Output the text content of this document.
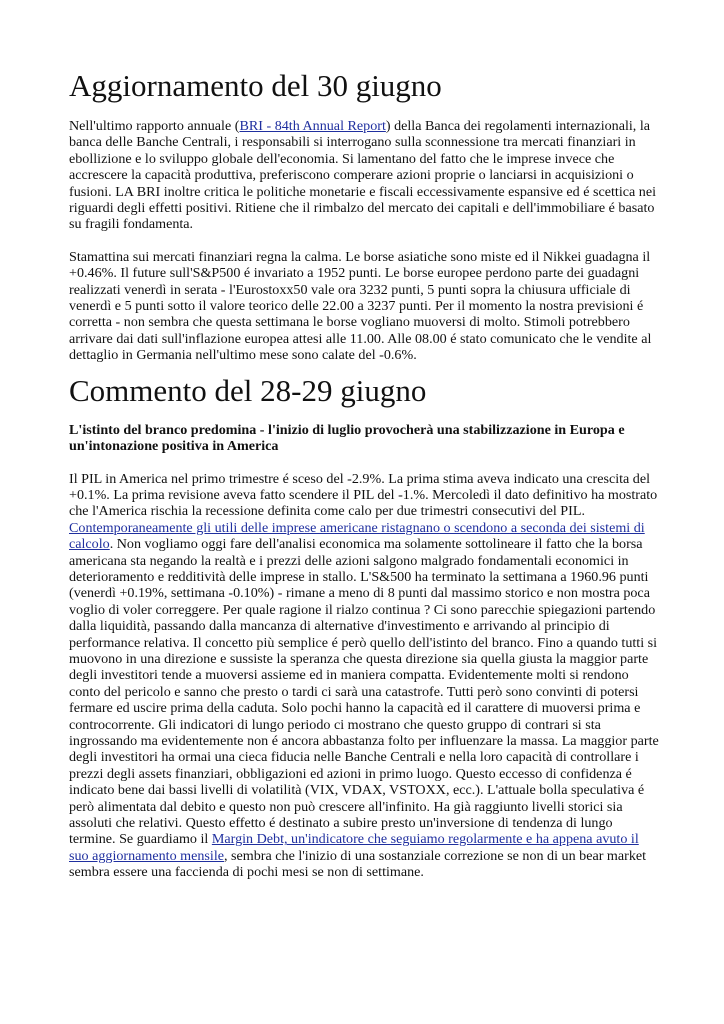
Aggiornamento del 30 giugno

Nell'ultimo rapporto annuale (BRI - 84th Annual Report) della Banca dei regolamenti internazionali, la banca delle Banche Centrali, i responsabili si interrogano sulla sconnessione tra mercati finanziari in ebollizione e lo sviluppo globale dell'economia. Si lamentano del fatto che le imprese invece che accrescere la capacità produttiva, preferiscono comperare azioni proprie o lanciarsi in acquisizioni o fusioni. LA BRI inoltre critica le politiche monetarie e fiscali eccessivamente espansive ed é scettica nei riguardi degli effetti positivi. Ritiene che il rimbalzo del mercato dei capitali e dell'immobiliare é basato su fragili fondamenta.

Stamattina sui mercati finanziari regna la calma. Le borse asiatiche sono miste ed il Nikkei guadagna il +0.46%. Il future sull'S&P500 é invariato a 1952 punti. Le borse europee perdono parte dei guadagni realizzati venerdì in serata - l'Eurostoxx50 vale ora 3232 punti, 5 punti sopra la chiusura ufficiale di venerdì e 5 punti sotto il valore teorico delle 22.00 a 3237 punti. Per il momento la nostra previsioni é corretta - non sembra che questa settimana le borse vogliano muoversi di molto. Stimoli potrebbero arrivare dai dati sull'inflazione europea attesi alle 11.00. Alle 08.00 é stato comunicato che le vendite al dettaglio in Germania nell'ultimo mese sono calate del -0.6%.

Commento del 28-29 giugno

L'istinto del branco predomina - l'inizio di luglio provocherà una stabilizzazione in Europa e un'intonazione positiva in America

Il PIL in America nel primo trimestre é sceso del -2.9%. La prima stima aveva indicato una crescita del +0.1%. La prima revisione aveva fatto scendere il PIL del -1.%. Mercoledì il dato definitivo ha mostrato che l'America rischia la recessione definita come calo per due trimestri consecutivi del PIL. Contemporaneamente gli utili delle imprese americane ristagnano o scendono a seconda dei sistemi di calcolo. Non vogliamo oggi fare dell'analisi economica ma solamente sottolineare il fatto che la borsa americana sta negando la realtà e i prezzi delle azioni salgono malgrado fondamentali economici in deterioramento e redditività delle imprese in stallo. L'S&500 ha terminato la settimana a 1960.96 punti (venerdì +0.19%, settimana -0.10%) - rimane a meno di 8 punti dal massimo storico e non mostra poca voglio di voler correggere. Per quale ragione il rialzo continua ? Ci sono parecchie spiegazioni partendo dalla liquidità, passando dalla mancanza di alternative d'investimento e arrivando al principio di performance relativa. Il concetto più semplice é però quello dell'istinto del branco. Fino a quando tutti si muovono in una direzione e sussiste la speranza che questa direzione sia quella giusta la maggior parte degli investitori tende a muoversi assieme ed in maniera compatta. Evidentemente molti si rendono conto del pericolo e sanno che presto o tardi ci sarà una catastrofe. Tutti però sono convinti di potersi fermare ed uscire prima della caduta. Solo pochi hanno la capacità ed il carattere di muoversi prima e controcorrente. Gli indicatori di lungo periodo ci mostrano che questo gruppo di contrari si sta ingrossando ma evidentemente non é ancora abbastanza folto per influenzare la massa. La maggior parte degli investitori ha ormai una cieca fiducia nelle Banche Centrali e nella loro capacità di controllare i prezzi degli assets finanziari, obbligazioni ed azioni in primo luogo. Questo eccesso di confidenza é indicato bene dai bassi livelli di volatilità (VIX, VDAX, VSTOXX, ecc.). L'attuale bolla speculativa é però alimentata dal debito e questo non può crescere all'infinito. Ha già raggiunto livelli storici sia assoluti che relativi. Questo effetto é destinato a subire presto un'inversione di tendenza di lungo termine. Se guardiamo il Margin Debt, un'indicatore che seguiamo regolarmente e ha appena avuto il suo aggiornamento mensile, sembra che l'inizio di una sostanziale correzione se non di un bear market sembra essere una faccienda di pochi mesi se non di settimane.
